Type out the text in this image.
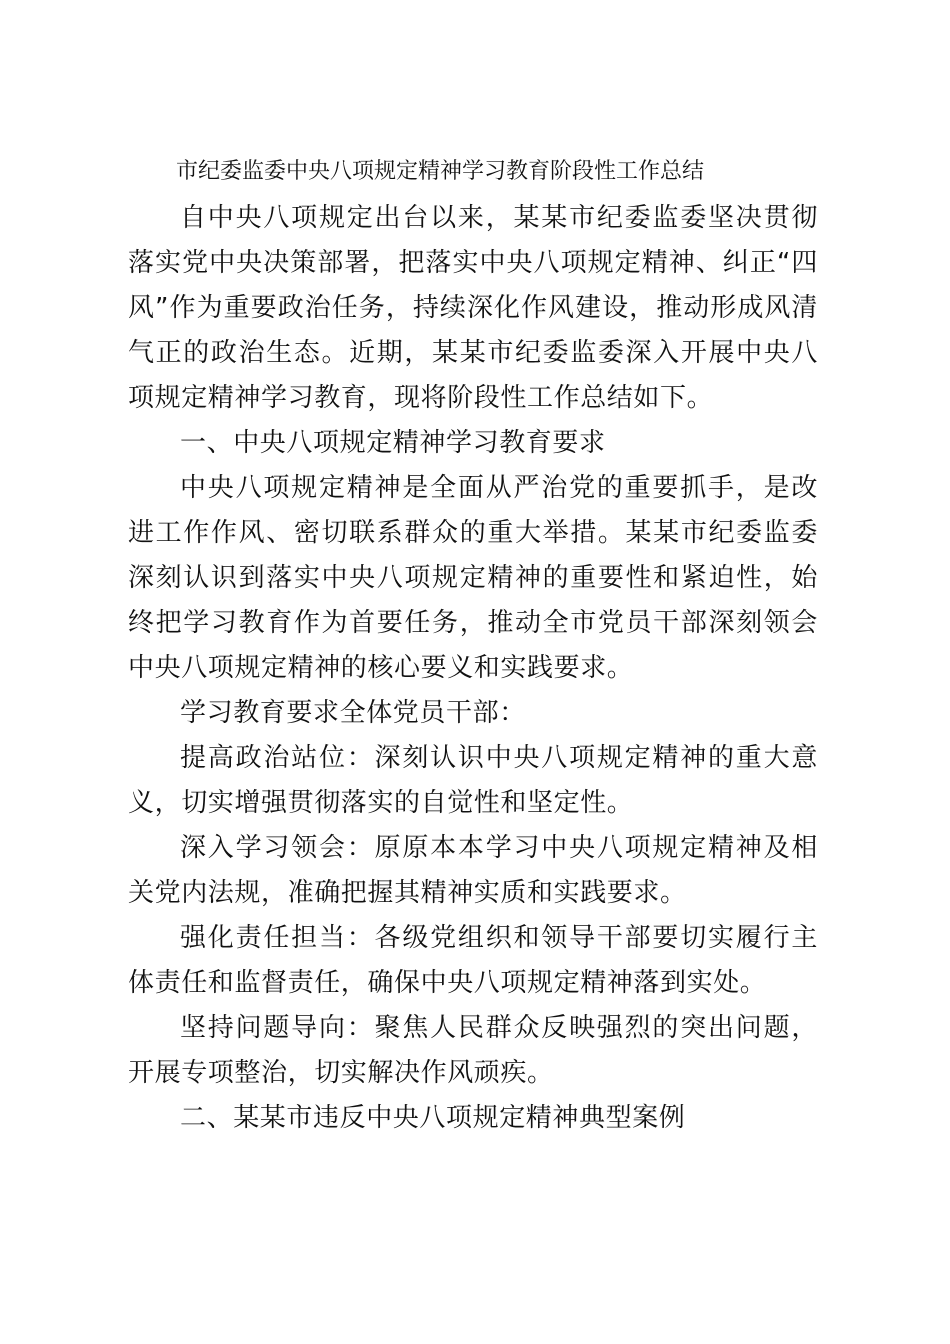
市纪委监委中央八项规定精神学习教育阶段性工作总结

自中央八项规定出台以来，某某市纪委监委坚决贯彻落实党中央决策部署，把落实中央八项规定精神、纠正“四风”作为重要政治任务，持续深化作风建设，推动形成风清气正的政治生态。近期，某某市纪委监委深入开展中央八项规定精神学习教育，现将阶段性工作总结如下。

一、中央八项规定精神学习教育要求

中央八项规定精神是全面从严治党的重要抓手，是改进工作作风、密切联系群众的重大举措。某某市纪委监委深刻认识到落实中央八项规定精神的重要性和紧迫性，始终把学习教育作为首要任务，推动全市党员干部深刻领会中央八项规定精神的核心要义和实践要求。

学习教育要求全体党员干部：

提高政治站位：深刻认识中央八项规定精神的重大意义，切实增强贯彻落实的自觉性和坚定性。

深入学习领会：原原本本学习中央八项规定精神及相关党内法规，准确把握其精神实质和实践要求。

强化责任担当：各级党组织和领导干部要切实履行主体责任和监督责任，确保中央八项规定精神落到实处。

坚持问题导向：聚焦人民群众反映强烈的突出问题，开展专项整治，切实解决作风顽疾。

二、某某市违反中央八项规定精神典型案例
